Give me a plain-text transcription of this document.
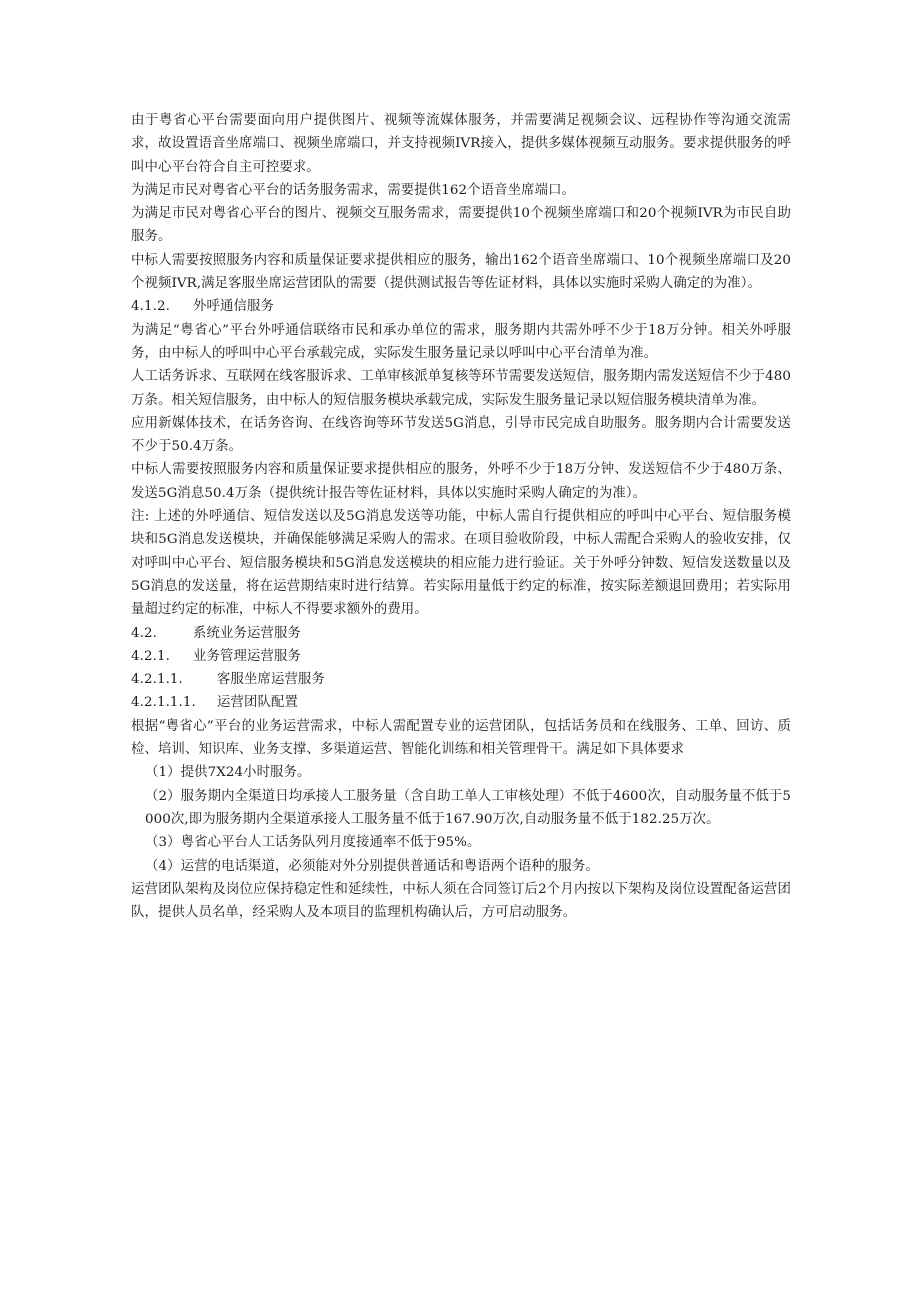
由于粤省心平台需要面向用户提供图片、视频等流媒体服务，并需要满足视频会议、远程协作等沟通交流需求，故设置语音坐席端口、视频坐席端口，并支持视频IVR接入，提供多媒体视频互动服务。要求提供服务的呼叫中心平台符合自主可控要求。

为满足市民对粤省心平台的话务服务需求，需要提供162个语音坐席端口。

为满足市民对粤省心平台的图片、视频交互服务需求，需要提供10个视频坐席端口和20个视频IVR为市民自助服务。

中标人需要按照服务内容和质量保证要求提供相应的服务，输出162个语音坐席端口、10个视频坐席端口及20个视频IVR,满足客服坐席运营团队的需要（提供测试报告等佐证材料，具体以实施时采购人确定的为准）。

4.1.2.	外呼通信服务

为满足“粤省心”平台外呼通信联络市民和承办单位的需求，服务期内共需外呼不少于18万分钟。相关外呼服务，由中标人的呼叫中心平台承载完成，实际发生服务量记录以呼叫中心平台清单为准。

人工话务诉求、互联网在线客服诉求、工单审核派单复核等环节需要发送短信，服务期内需发送短信不少于480万条。相关短信服务，由中标人的短信服务模块承载完成，实际发生服务量记录以短信服务模块清单为准。

应用新媒体技术，在话务咨询、在线咨询等环节发送5G消息，引导市民完成自助服务。服务期内合计需要发送不少于50.4万条。

中标人需要按照服务内容和质量保证要求提供相应的服务，外呼不少于18万分钟、发送短信不少于480万条、发送5G消息50.4万条（提供统计报告等佐证材料，具体以实施时采购人确定的为准）。

注: 上述的外呼通信、短信发送以及5G消息发送等功能，中标人需自行提供相应的呼叫中心平台、短信服务模块和5G消息发送模块，并确保能够满足采购人的需求。在项目验收阶段，中标人需配合采购人的验收安排，仅对呼叫中心平台、短信服务模块和5G消息发送模块的相应能力进行验证。关于外呼分钟数、短信发送数量以及5G消息的发送量，将在运营期结束时进行结算。若实际用量低于约定的标准，按实际差额退回费用；若实际用量超过约定的标准，中标人不得要求额外的费用。

4.2.	系统业务运营服务
4.2.1.	业务管理运营服务
4.2.1.1.	客服坐席运营服务
4.2.1.1.1.	运营团队配置

根据“粤省心”平台的业务运营需求，中标人需配置专业的运营团队，包括话务员和在线服务、工单、回访、质检、培训、知识库、业务支撑、多渠道运营、智能化训练和相关管理骨干。满足如下具体要求

（1）提供7X24小时服务。

（2）服务期内全渠道日均承接人工服务量（含自助工单人工审核处理）不低于4600次，自动服务量不低于5000次,即为服务期内全渠道承接人工服务量不低于167.90万次,自动服务量不低于182.25万次。

（3）粤省心平台人工话务队列月度接通率不低于95%。

（4）运营的电话渠道，必须能对外分别提供普通话和粤语两个语种的服务。

运营团队架构及岗位应保持稳定性和延续性，中标人须在合同签订后2个月内按以下架构及岗位设置配备运营团队，提供人员名单，经采购人及本项目的监理机构确认后，方可启动服务。
